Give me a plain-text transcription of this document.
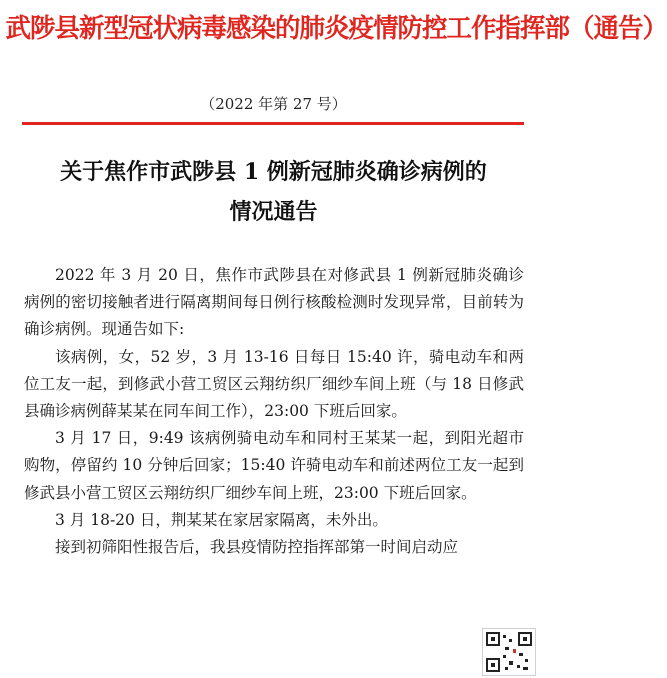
武陟县新型冠状病毒感染的肺炎疫情防控工作指挥部（通告）
（2022 年第 27 号）
关于焦作市武陟县 1 例新冠肺炎确诊病例的
情况通告

2022 年 3 月 20 日，焦作市武陟县在对修武县 1 例新冠肺炎确诊病例的密切接触者进行隔离期间每日例行核酸检测时发现异常，目前转为确诊病例。现通告如下:

该病例，女，52 岁，3 月 13-16 日每日 15:40 许，骑电动车和两位工友一起，到修武小营工贸区云翔纺织厂细纱车间上班（与 18 日修武县确诊病例薛某某在同车间工作），23:00 下班后回家。

3 月 17 日，9:49 该病例骑电动车和同村王某某一起，到阳光超市购物，停留约 10 分钟后回家；15:40 许骑电动车和前述两位工友一起到修武县小营工贸区云翔纺织厂细纱车间上班，23:00 下班后回家。

3 月 18-20 日，荆某某在家居家隔离，未外出。

接到初筛阳性报告后，我县疫情防控指挥部第一时间启动应
